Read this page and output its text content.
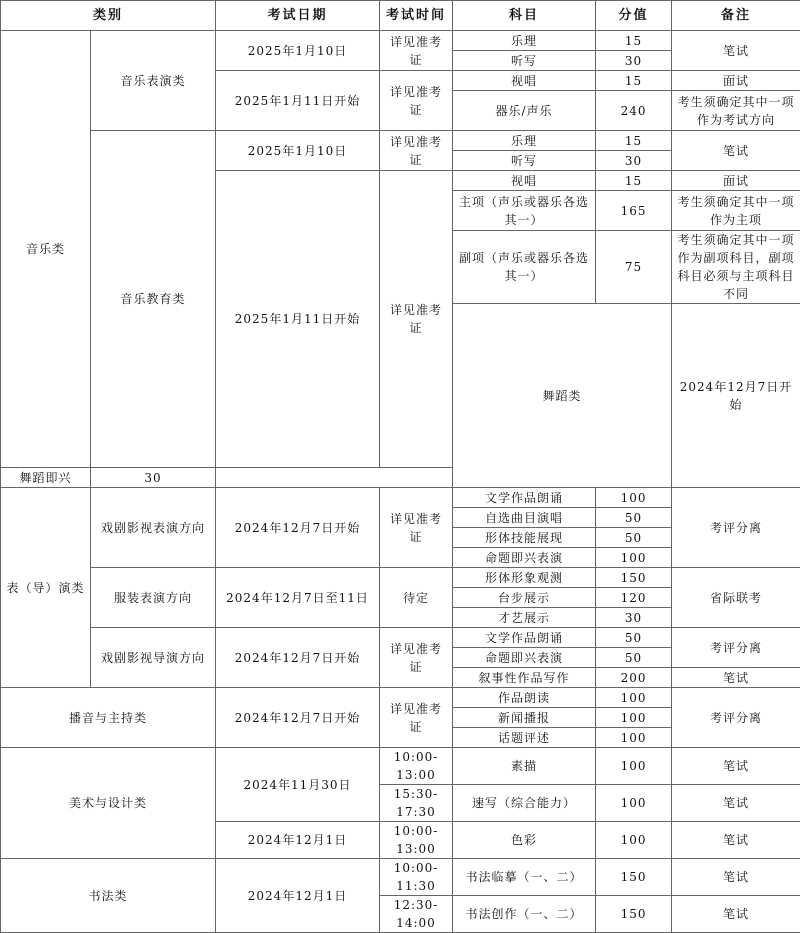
类别		考试日期	考试时间	科目	分值	备注	
音乐类	音乐表演类	2025年1月10日	详见准考证	乐理	15	笔试	
				听写	30		
		2025年1月11日开始	详见准考证	视唱	15	面试	
				器乐/声乐	240	考生须确定其中一项作为考试方向	

	音乐教育类	2025年1月10日	详见准考证	乐理	15	笔试	
				听写	30		
		2025年1月11日开始	详见准考证	视唱	15	面试	
				主项（声乐或器乐各选其一）	165	考生须确定其中一项作为主项	

				副项（声乐或器乐各选其一）	75	考生须确定其中一项作为副项科目，副项科目必须与主项科目不同	
				舞蹈类		2024年12月7日开始				

舞蹈即兴	30						
表（导）演类	戏剧影视表演方向	2024年12月7日开始	详见准考证	文学作品朗诵	100	考评分离	
				自选曲目演唱	50		
				形体技能展现	50		
				命题即兴表演	100		
	服装表演方向	2024年12月7日至11日	待定	形体形象观测	150	省际联考	
				台步展示	120		
				才艺展示	30		
	戏剧影视导演方向	2024年12月7日开始	详见准考证	文学作品朗诵	50	考评分离	
				命题即兴表演	50		
				叙事性作品写作	200	笔试	
播音与主持类		2024年12月7日开始	详见准考证	作品朗读	100	考评分离	
				新闻播报	100		
				话题评述	100		
美术与设计类		2024年11月30日	10:00-13:00	素描	100	笔试	
			15:30-17:30	速写（综合能力）	100	笔试	
		2024年12月1日	10:00-13:00	色彩	100	笔试	
书法类		2024年12月1日	10:00-11:30	书法临摹（一、二）	150	笔试	
			12:30-14:00	书法创作（一、二）	150	笔试	
